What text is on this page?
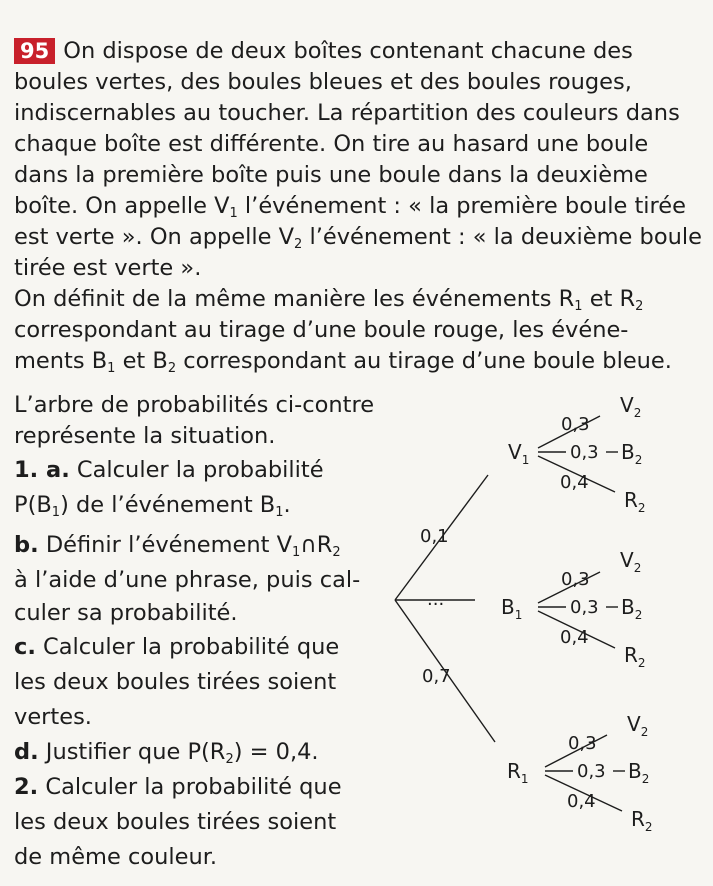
95 On dispose de deux boîtes contenant chacune des
boules vertes, des boules bleues et des boules rouges,
indiscernables au toucher. La répartition des couleurs dans
chaque boîte est différente. On tire au hasard une boule
dans la première boîte puis une boule dans la deuxième
boîte. On appelle $V_1$ l’événement : « la première boule tirée
est verte ». On appelle $V_2$ l’événement : « la deuxième boule
tirée est verte ».
On définit de la même manière les événements $R_1$ et $R_2$
correspondant au tirage d’une boule rouge, les événe-
ments $B_1$ et $B_2$ correspondant au tirage d’une boule bleue.
L’arbre de probabilités ci-contre
représente la situation.
1. a. Calculer la probabilité
$P(B_1)$ de l’événement $B_1$.
b. Définir l’événement $V_1\cap R_2$
à l’aide d’une phrase, puis cal-
culer sa probabilité.
c. Calculer la probabilité que
les deux boules tirées soient
vertes.
d. Justifier que $P(R_2) = 0,4$.
2. Calculer la probabilité que
les deux boules tirées soient
de même couleur.
0,1
...
0,7
$V_1$
$B_1$
$R_1$
0,3
0,3
0,4
$V_2$
$B_2$
$R_2$
0,3
0,3
0,4
$V_2$
$B_2$
$R_2$
0,3
0,3
0,4
$V_2$
$B_2$
$R_2$
